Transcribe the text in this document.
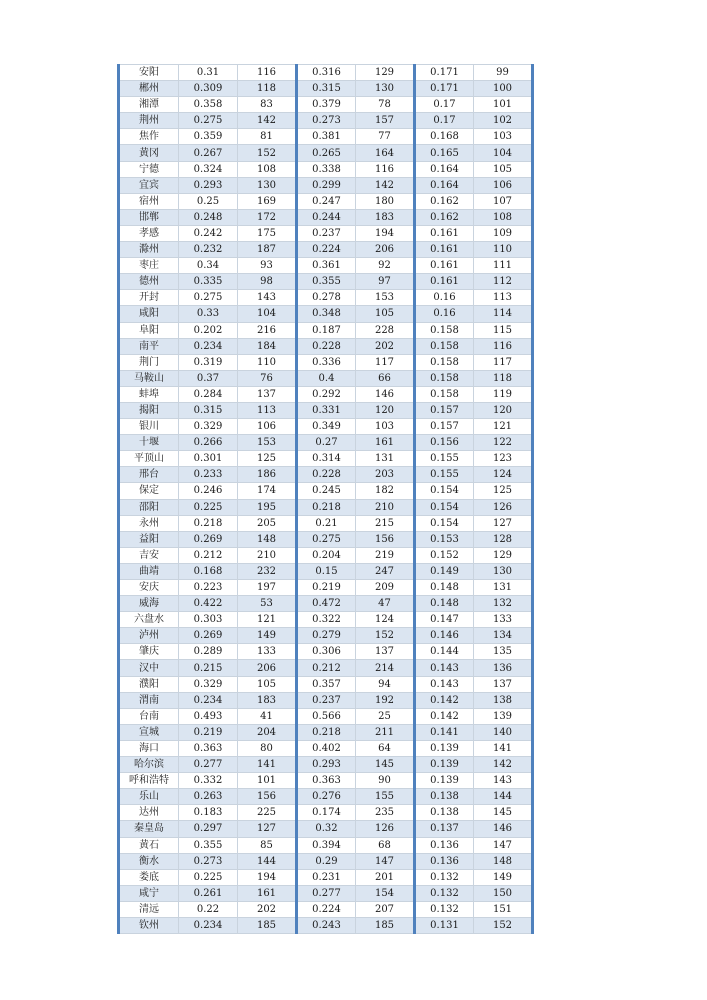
安阳	0.31	116	0.316	129	0.171	99
郴州	0.309	118	0.315	130	0.171	100
湘潭	0.358	83	0.379	78	0.17	101
荆州	0.275	142	0.273	157	0.17	102
焦作	0.359	81	0.381	77	0.168	103
黄冈	0.267	152	0.265	164	0.165	104
宁德	0.324	108	0.338	116	0.164	105
宜宾	0.293	130	0.299	142	0.164	106
宿州	0.25	169	0.247	180	0.162	107
邯郸	0.248	172	0.244	183	0.162	108
孝感	0.242	175	0.237	194	0.161	109
滁州	0.232	187	0.224	206	0.161	110
枣庄	0.34	93	0.361	92	0.161	111
德州	0.335	98	0.355	97	0.161	112
开封	0.275	143	0.278	153	0.16	113
咸阳	0.33	104	0.348	105	0.16	114
阜阳	0.202	216	0.187	228	0.158	115
南平	0.234	184	0.228	202	0.158	116
荆门	0.319	110	0.336	117	0.158	117
马鞍山	0.37	76	0.4	66	0.158	118
蚌埠	0.284	137	0.292	146	0.158	119
揭阳	0.315	113	0.331	120	0.157	120
银川	0.329	106	0.349	103	0.157	121
十堰	0.266	153	0.27	161	0.156	122
平顶山	0.301	125	0.314	131	0.155	123
邢台	0.233	186	0.228	203	0.155	124
保定	0.246	174	0.245	182	0.154	125
邵阳	0.225	195	0.218	210	0.154	126
永州	0.218	205	0.21	215	0.154	127
益阳	0.269	148	0.275	156	0.153	128
吉安	0.212	210	0.204	219	0.152	129
曲靖	0.168	232	0.15	247	0.149	130
安庆	0.223	197	0.219	209	0.148	131
威海	0.422	53	0.472	47	0.148	132
六盘水	0.303	121	0.322	124	0.147	133
泸州	0.269	149	0.279	152	0.146	134
肇庆	0.289	133	0.306	137	0.144	135
汉中	0.215	206	0.212	214	0.143	136
濮阳	0.329	105	0.357	94	0.143	137
渭南	0.234	183	0.237	192	0.142	138
台南	0.493	41	0.566	25	0.142	139
宣城	0.219	204	0.218	211	0.141	140
海口	0.363	80	0.402	64	0.139	141
哈尔滨	0.277	141	0.293	145	0.139	142
呼和浩特	0.332	101	0.363	90	0.139	143
乐山	0.263	156	0.276	155	0.138	144
达州	0.183	225	0.174	235	0.138	145
秦皇岛	0.297	127	0.32	126	0.137	146
黄石	0.355	85	0.394	68	0.136	147
衡水	0.273	144	0.29	147	0.136	148
娄底	0.225	194	0.231	201	0.132	149
咸宁	0.261	161	0.277	154	0.132	150
清远	0.22	202	0.224	207	0.132	151
钦州	0.234	185	0.243	185	0.131	152
